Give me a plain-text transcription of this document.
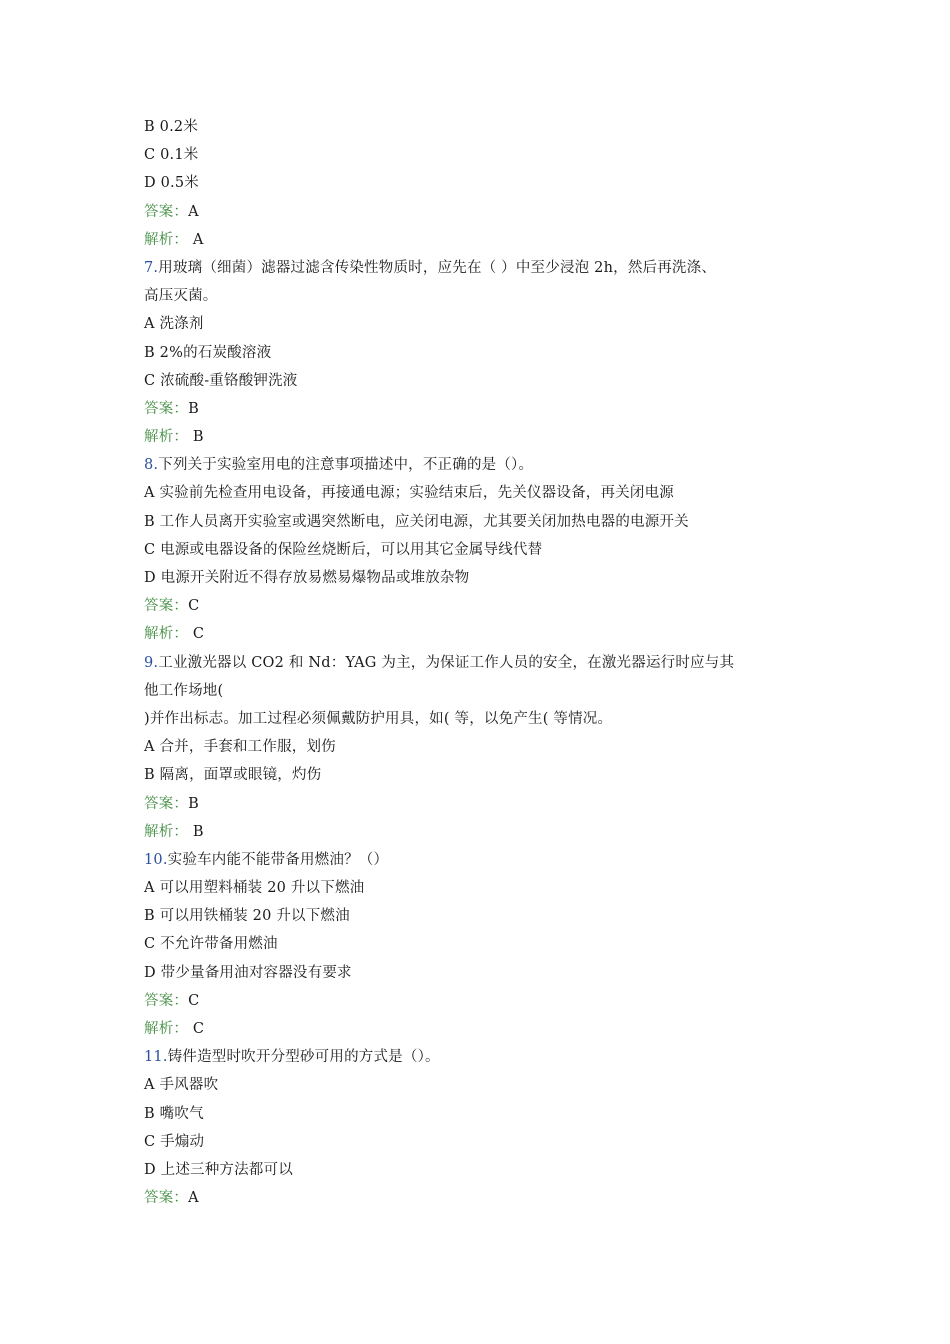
B 0.2米
C 0.1米
D 0.5米
答案：A
解析： A
7.用玻璃（细菌）滤器过滤含传染性物质时，应先在（ ）中至少浸泡 2h，然后再洗涤、
高压灭菌。
A 洗涤剂
B 2%的石炭酸溶液
C 浓硫酸-重铬酸钾洗液
答案：B
解析： B
8.下列关于实验室用电的注意事项描述中，不正确的是（）。
A 实验前先检查用电设备，再接通电源；实验结束后，先关仪器设备，再关闭电源
B 工作人员离开实验室或遇突然断电，应关闭电源，尤其要关闭加热电器的电源开关
C 电源或电器设备的保险丝烧断后，可以用其它金属导线代替
D 电源开关附近不得存放易燃易爆物品或堆放杂物
答案：C
解析： C
9.工业激光器以 CO2 和 Nd：YAG 为主，为保证工作人员的安全，在激光器运行时应与其
他工作场地(
)并作出标志。加工过程必须佩戴防护用具，如( 等，以免产生( 等情况。
A 合并，手套和工作服，划伤
B 隔离，面罩或眼镜，灼伤
答案：B
解析： B
10.实验车内能不能带备用燃油？（）
A 可以用塑料桶装 20 升以下燃油
B 可以用铁桶装 20 升以下燃油
C 不允许带备用燃油
D 带少量备用油对容器没有要求
答案：C
解析： C
11.铸件造型时吹开分型砂可用的方式是（）。
A 手风器吹
B 嘴吹气
C 手煽动
D 上述三种方法都可以
答案：A
